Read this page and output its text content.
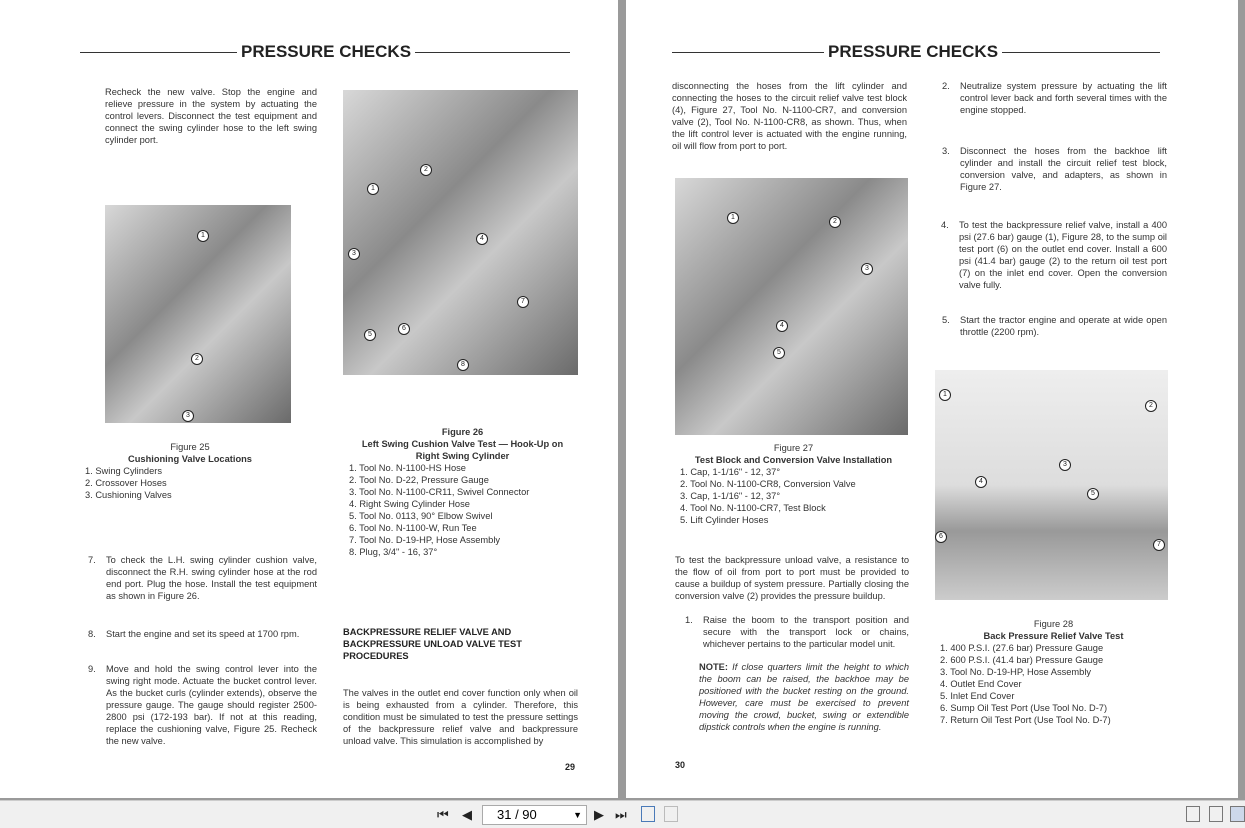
PRESSURE CHECKS
Recheck the new valve. Stop the engine and relieve pressure in the system by actuating the control levers. Disconnect the test equipment and connect the swing cylinder hose to the left swing cylinder port.
1
2
3
Figure 25
Cushioning Valve Locations
1. Swing Cylinders
2. Crossover Hoses
3. Cushioning Valves
1
2
3
4
5
6
7
8
Figure 26
Left Swing Cushion Valve Test — Hook-Up on Right Swing Cylinder
1. Tool No. N-1100-HS Hose
2. Tool No. D-22, Pressure Gauge
3. Tool No. N-1100-CR11, Swivel Connector
4. Right Swing Cylinder Hose
5. Tool No. 0113, 90° Elbow Swivel
6. Tool No. N-1100-W, Run Tee
7. Tool No. D-19-HP, Hose Assembly
8. Plug, 3/4" - 16, 37°
7.	To check the L.H. swing cylinder cushion valve, disconnect the R.H. swing cylinder hose at the rod end port. Plug the hose. Install the test equipment as shown in Figure 26.
8.	Start the engine and set its speed at 1700 rpm.
9.	Move and hold the swing control lever into the swing right mode. Actuate the bucket control lever. As the bucket curls (cylinder extends), observe the pressure gauge. The gauge should register 2500-2800 psi (172-193 bar). If not at this reading, replace the cushioning valve, Figure 25. Recheck the new valve.
BACKPRESSURE RELIEF VALVE AND BACKPRESSURE UNLOAD VALVE TEST PROCEDURES
The valves in the outlet end cover function only when oil is being exhausted from a cylinder. Therefore, this condition must be simulated to test the pressure settings of the backpressure relief valve and backpressure unload valve. This simulation is accomplished by
29
PRESSURE CHECKS
disconnecting the hoses from the lift cylinder and connecting the hoses to the circuit relief valve test block (4), Figure 27, Tool No. N-1100-CR7, and conversion valve (2), Tool No. N-1100-CR8, as shown. Thus, when the lift control lever is actuated with the engine running, oil will flow from port to port.
1
2
3
4
5
Figure 27
Test Block and Conversion Valve Installation
1. Cap, 1-1/16" - 12, 37°
2. Tool No. N-1100-CR8, Conversion Valve
3. Cap, 1-1/16" - 12, 37°
4. Tool No. N-1100-CR7, Test Block
5. Lift Cylinder Hoses
To test the backpressure unload valve, a resistance to the flow of oil from port to port must be provided to cause a buildup of system pressure. Partially closing the conversion valve (2) provides the pressure buildup.
1.	Raise the boom to the transport position and secure with the transport lock or chains, whichever pertains to the particular model unit.
NOTE: If close quarters limit the height to which the boom can be raised, the backhoe may be positioned with the bucket resting on the ground. However, care must be exercised to prevent moving the crowd, bucket, swing or extendible dipstick controls when the engine is running.
2.	Neutralize system pressure by actuating the lift control lever back and forth several times with the engine stopped.
3.	Disconnect the hoses from the backhoe lift cylinder and install the circuit relief test block, conversion valve, and adapters, as shown in Figure 27.
4.	To test the backpressure relief valve, install a 400 psi (27.6 bar) gauge (1), Figure 28, to the sump oil test port (6) on the outlet end cover. Install a 600 psi (41.4 bar) gauge (2) to the return oil test port (7) on the inlet end cover. Open the conversion valve fully.
5.	Start the tractor engine and operate at wide open throttle (2200 rpm).
1
2
3
4
5
6
7
Figure 28
Back Pressure Relief Valve Test
1. 400 P.S.I. (27.6 bar) Pressure Gauge
2. 600 P.S.I. (41.4 bar) Pressure Gauge
3. Tool No. D-19-HP, Hose Assembly
4. Outlet End Cover
5. Inlet End Cover
6. Sump Oil Test Port (Use Tool No. D-7)
7. Return Oil Test Port (Use Tool No. D-7)
30
⏮ ◀	31 / 90	▼ ▶ ⏭
